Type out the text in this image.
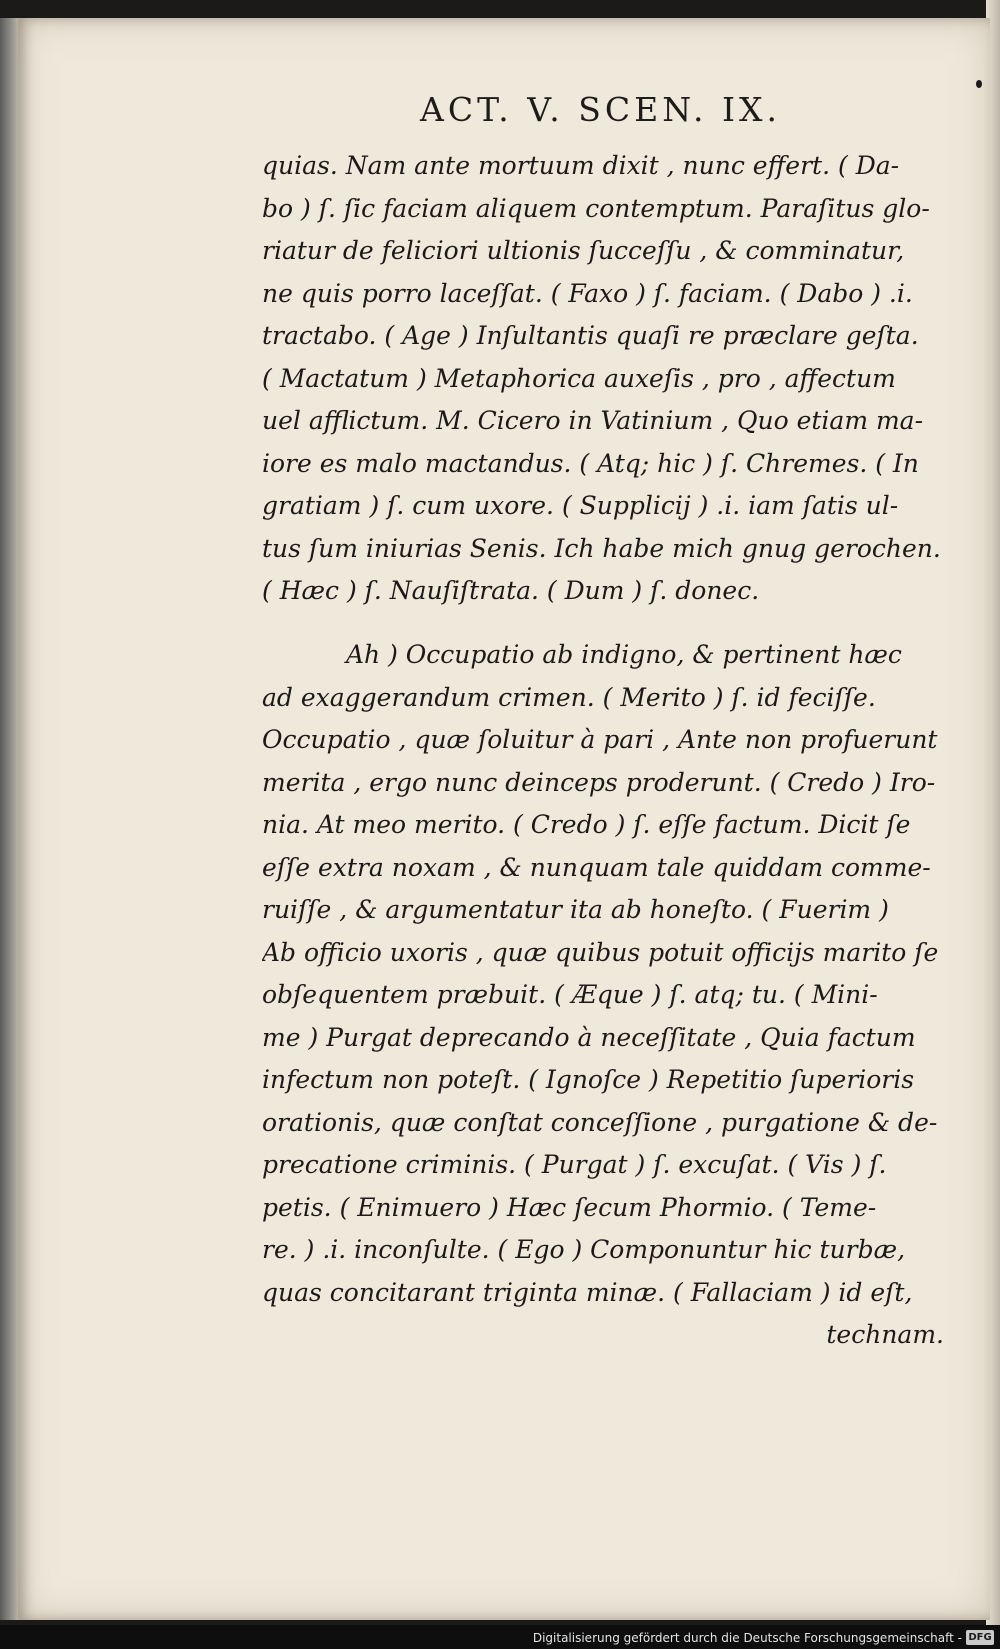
ACT. V. SCEN. IX.
quias. Nam ante mortuum dixit , nunc effert. ( Da-
bo ) ſ. ſic faciam aliquem contemptum. Paraſitus glo-
riatur de feliciori ultionis ſucceſſu , & comminatur,
ne quis porro laceſſat. ( Faxo ) ſ. faciam. ( Dabo ) .i.
tractabo. ( Age ) Inſultantis quaſi re præclare geſta.
( Mactatum ) Metaphorica auxeſis , pro , affectum
uel afflictum. M. Cicero in Vatinium , Quo etiam ma-
iore es malo mactandus. ( Atq; hic ) ſ. Chremes. ( In
gratiam ) ſ. cum uxore. ( Supplicij ) .i. iam ſatis ul-
tus ſum iniurias Senis. Ich habe mich gnug gerochen.
( Hæc ) ſ. Nauſiſtrata. ( Dum ) ſ. donec.
Ah ) Occupatio ab indigno, & pertinent hæc
ad exaggerandum crimen. ( Merito ) ſ. id feciſſe.
Occupatio , quæ ſoluitur à pari , Ante non profuerunt
merita , ergo nunc deinceps proderunt. ( Credo ) Iro-
nia. At meo merito. ( Credo ) ſ. eſſe factum. Dicit ſe
eſſe extra noxam , & nunquam tale quiddam comme-
ruiſſe , & argumentatur ita ab honeſto. ( Fuerim )
Ab officio uxoris , quæ quibus potuit officijs marito ſe
obſequentem præbuit. ( Æque ) ſ. atq; tu. ( Mini-
me ) Purgat deprecando à neceſſitate , Quia factum
infectum non poteſt. ( Ignoſce ) Repetitio ſuperioris
orationis, quæ conſtat conceſſione , purgatione & de-
precatione criminis. ( Purgat ) ſ. excuſat. ( Vis ) ſ.
petis. ( Enimuero ) Hæc ſecum Phormio. ( Teme-
re. ) .i. inconſulte. ( Ego ) Componuntur hic turbæ,
quas concitarant triginta minæ. ( Fallaciam ) id eſt,
technam.
Digitalisierung gefördert durch die Deutsche Forschungsgemeinschaft - DFG
